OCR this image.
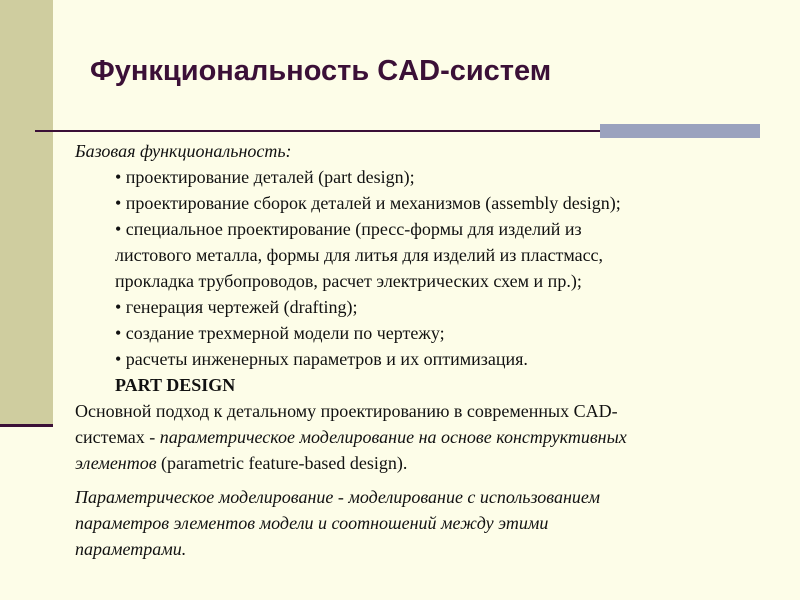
Функциональность CAD-систем
Базовая функциональность:
• проектирование деталей (part design);
• проектирование сборок деталей и механизмов (assembly design);
• специальное проектирование (пресс-формы для изделий из
листового металла, формы для литья для изделий из пластмасс,
прокладка трубопроводов, расчет электрических схем и пр.);
• генерация чертежей (drafting);
• создание трехмерной модели по чертежу;
• расчеты инженерных параметров и их оптимизация.
PART DESIGN
Основной подход к детальному проектированию в современных CAD-
системах - параметрическое моделирование на основе конструктивных
элементов (parametric feature-based design).
Параметрическое моделирование - моделирование с использованием
параметров элементов модели и соотношений между этими
параметрами.
